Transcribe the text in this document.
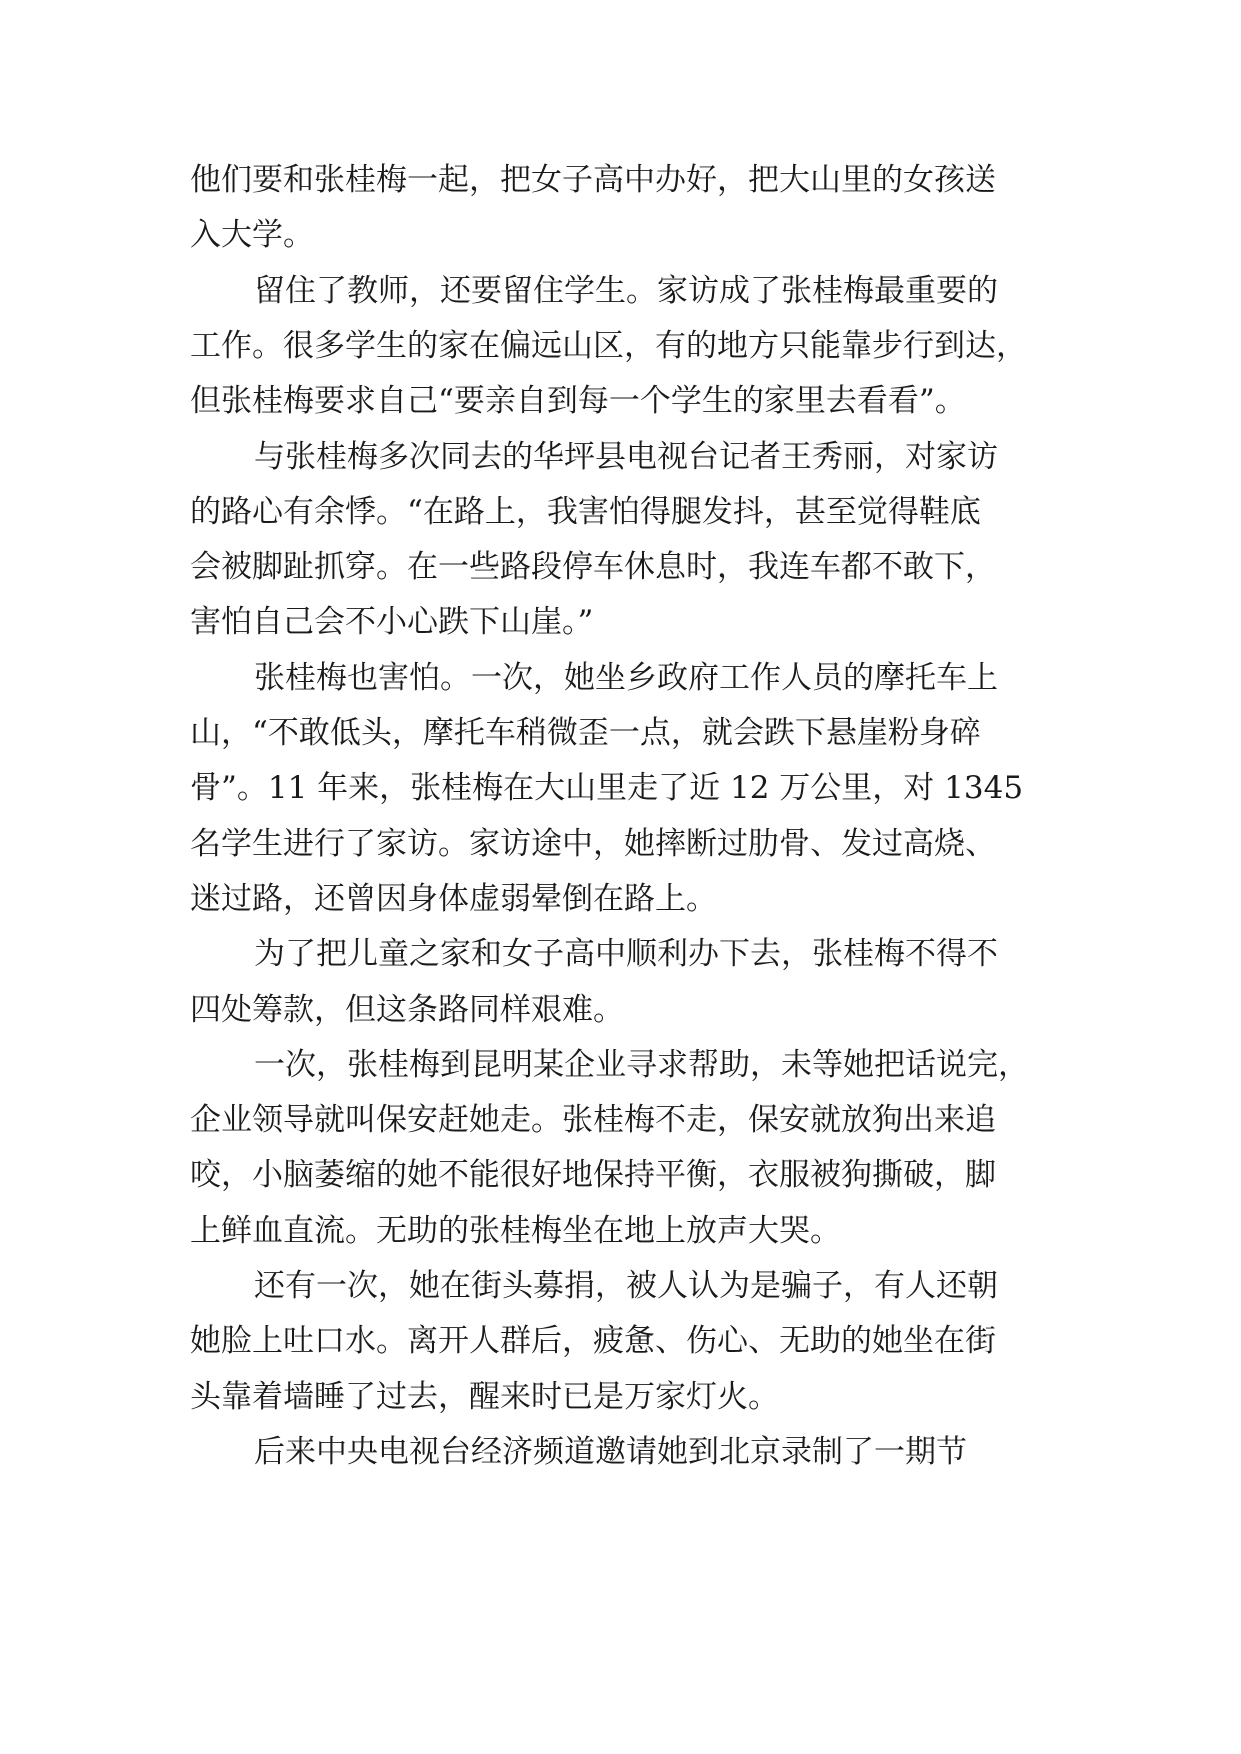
他们要和张桂梅一起，把女子高中办好，把大山里的女孩送
入大学。
留住了教师，还要留住学生。家访成了张桂梅最重要的
工作。很多学生的家在偏远山区，有的地方只能靠步行到达，
但张桂梅要求自己“要亲自到每一个学生的家里去看看”。
与张桂梅多次同去的华坪县电视台记者王秀丽，对家访
的路心有余悸。“在路上，我害怕得腿发抖，甚至觉得鞋底
会被脚趾抓穿。在一些路段停车休息时，我连车都不敢下，
害怕自己会不小心跌下山崖。”
张桂梅也害怕。一次，她坐乡政府工作人员的摩托车上
山，“不敢低头，摩托车稍微歪一点，就会跌下悬崖粉身碎
骨”。11 年来，张桂梅在大山里走了近 12 万公里，对 1345
名学生进行了家访。家访途中，她摔断过肋骨、发过高烧、
迷过路，还曾因身体虚弱晕倒在路上。
为了把儿童之家和女子高中顺利办下去，张桂梅不得不
四处筹款，但这条路同样艰难。
一次，张桂梅到昆明某企业寻求帮助，未等她把话说完，
企业领导就叫保安赶她走。张桂梅不走，保安就放狗出来追
咬，小脑萎缩的她不能很好地保持平衡，衣服被狗撕破，脚
上鲜血直流。无助的张桂梅坐在地上放声大哭。
还有一次，她在街头募捐，被人认为是骗子，有人还朝
她脸上吐口水。离开人群后，疲惫、伤心、无助的她坐在街
头靠着墙睡了过去，醒来时已是万家灯火。
后来中央电视台经济频道邀请她到北京录制了一期节
